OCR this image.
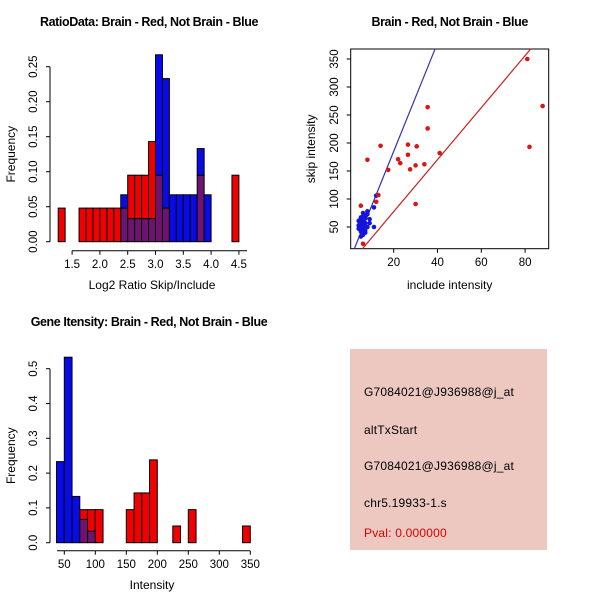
RatioData: Brain - Red, Not Brain - Blue
Frequency
Log2 Ratio Skip/Include
0.00
0.05
0.10
0.15
0.20
0.25
1.5 2.0 2.5 3.0 3.5 4.0 4.5
Brain - Red, Not Brain - Blue
skip intensity
include intensity
20	40	60	80
50
100
150
200
250
300
350
Gene Itensity: Brain - Red, Not Brain - Blue
Frequency
Intensity
0.0
0.1
0.2
0.3
0.4
0.5
50 100 150 200 250 300 350
G7084021@J936988@j_at
altTxStart
G7084021@J936988@j_at
chr5.19933-1.s
Pval: 0.000000
